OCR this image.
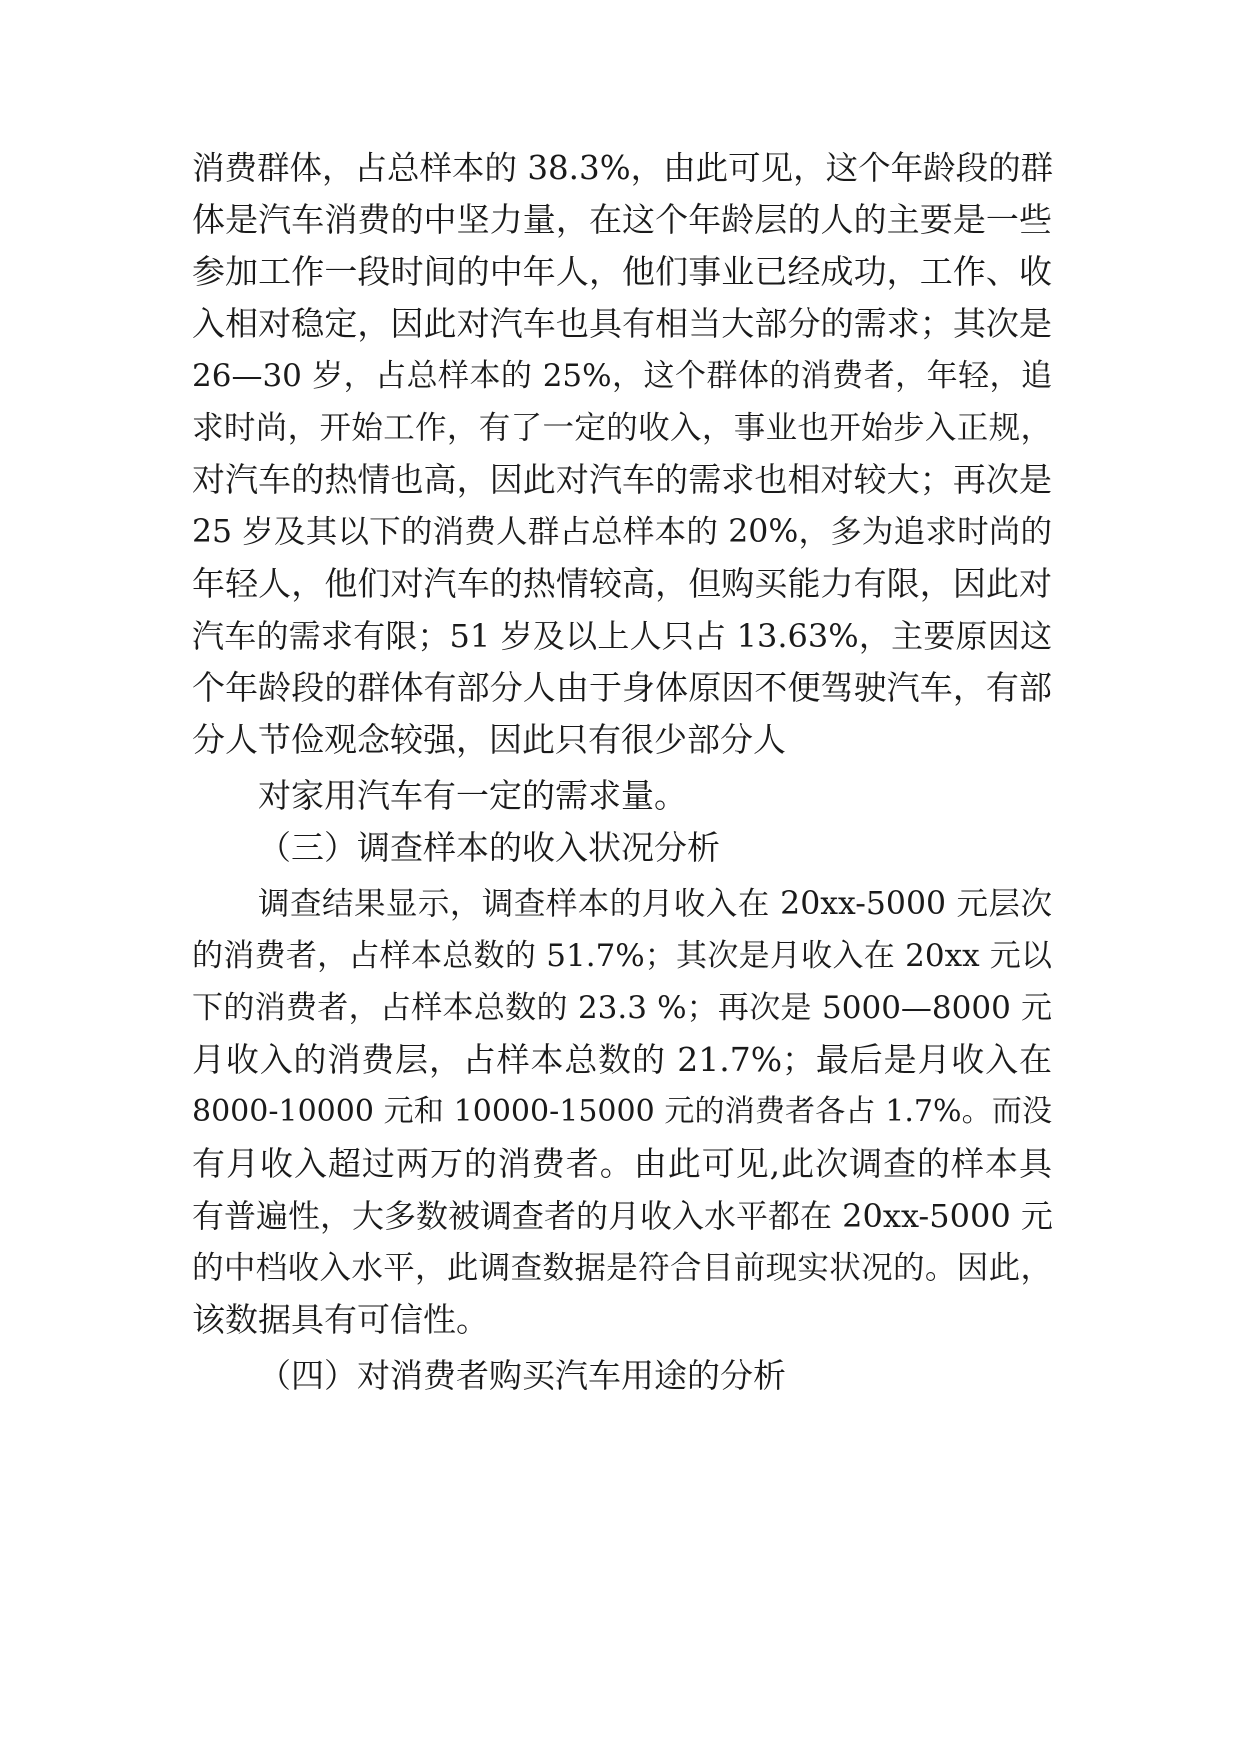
消费群体，占总样本的 38.3%，由此可见，这个年龄段的群
体是汽车消费的中坚力量，在这个年龄层的人的主要是一些
参加工作一段时间的中年人，他们事业已经成功，工作、收
入相对稳定，因此对汽车也具有相当大部分的需求；其次是
26—30 岁，占总样本的 25%，这个群体的消费者，年轻，追
求时尚，开始工作，有了一定的收入，事业也开始步入正规，
对汽车的热情也高，因此对汽车的需求也相对较大；再次是
25 岁及其以下的消费人群占总样本的 20%，多为追求时尚的
年轻人，他们对汽车的热情较高，但购买能力有限，因此对
汽车的需求有限；51 岁及以上人只占 13.63%，主要原因这
个年龄段的群体有部分人由于身体原因不便驾驶汽车，有部
分人节俭观念较强，因此只有很少部分人
对家用汽车有一定的需求量。
（三）调查样本的收入状况分析
调查结果显示，调查样本的月收入在 20xx-5000 元层次
的消费者，占样本总数的 51.7%；其次是月收入在 20xx 元以
下的消费者，占样本总数的 23.3 %；再次是 5000—8000 元
月收入的消费层，占样本总数的 21.7%；最后是月收入在
8000-10000 元和 10000-15000 元的消费者各占 1.7%。而没
有月收入超过两万的消费者。由此可见,此次调查的样本具
有普遍性，大多数被调查者的月收入水平都在 20xx-5000 元
的中档收入水平，此调查数据是符合目前现实状况的。因此，
该数据具有可信性。
（四）对消费者购买汽车用途的分析
